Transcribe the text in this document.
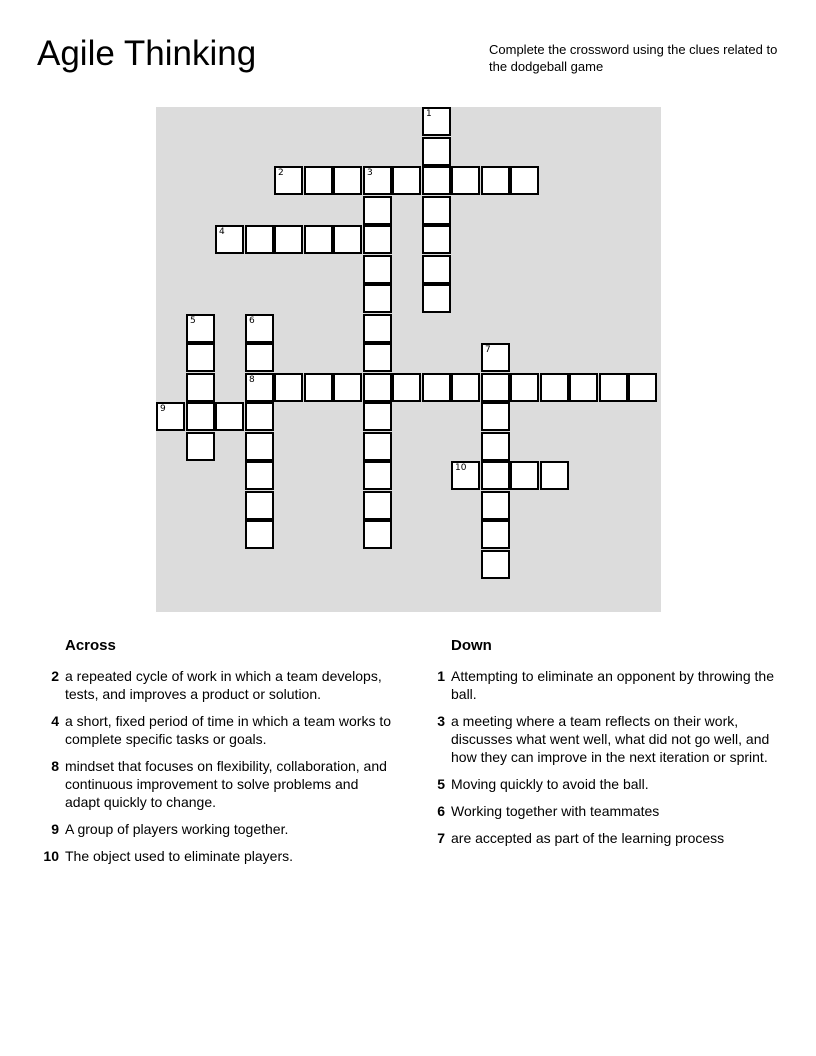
Agile Thinking	Complete the crossword using the clues related to the dodgeball game
1
2	3
4
5	6
8
7
9
10
Across
2 a repeated cycle of work in which a team develops, tests, and improves a product or solution.
4 a short, fixed period of time in which a team works to complete specific tasks or goals.
8 mindset that focuses on flexibility, collaboration, and continuous improvement to solve problems and adapt quickly to change.
9 A group of players working together.
10 The object used to eliminate players.
Down
1 Attempting to eliminate an opponent by throwing the ball.
3 a meeting where a team reflects on their work, discusses what went well, what did not go well, and how they can improve in the next iteration or sprint.
5 Moving quickly to avoid the ball.
6 Working together with teammates
7 are accepted as part of the learning process
